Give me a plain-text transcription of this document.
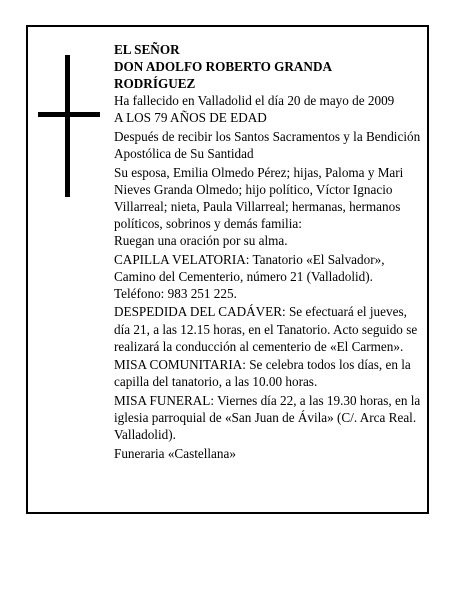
EL SEÑOR

DON ADOLFO ROBERTO GRANDA

RODRÍGUEZ

Ha fallecido en Valladolid el día 20 de mayo de 2009

A LOS 79 AÑOS DE EDAD

Después de recibir los Santos Sacramentos y la Bendición Apostólica de Su Santidad

Su esposa, Emilia Olmedo Pérez; hijas, Paloma y Mari Nieves Granda Olmedo; hijo político, Víctor Ignacio Villarreal; nieta, Paula Villarreal; hermanas, hermanos políticos, sobrinos y demás familia:

Ruegan una oración por su alma.

CAPILLA VELATORIA: Tanatorio «El Salvador», Camino del Cementerio, número 21 (Valladolid). Teléfono: 983 251 225.

DESPEDIDA DEL CADÁVER: Se efectuará el jueves, día 21, a las 12.15 horas, en el Tanatorio. Acto seguido se realizará la conducción al cementerio de «El Carmen».

MISA COMUNITARIA: Se celebra todos los días, en la capilla del tanatorio, a las 10.00 horas.

MISA FUNERAL: Viernes día 22, a las 19.30 horas, en la iglesia parroquial de «San Juan de Ávila» (C/. Arca Real. Valladolid).

Funeraria «Castellana»
